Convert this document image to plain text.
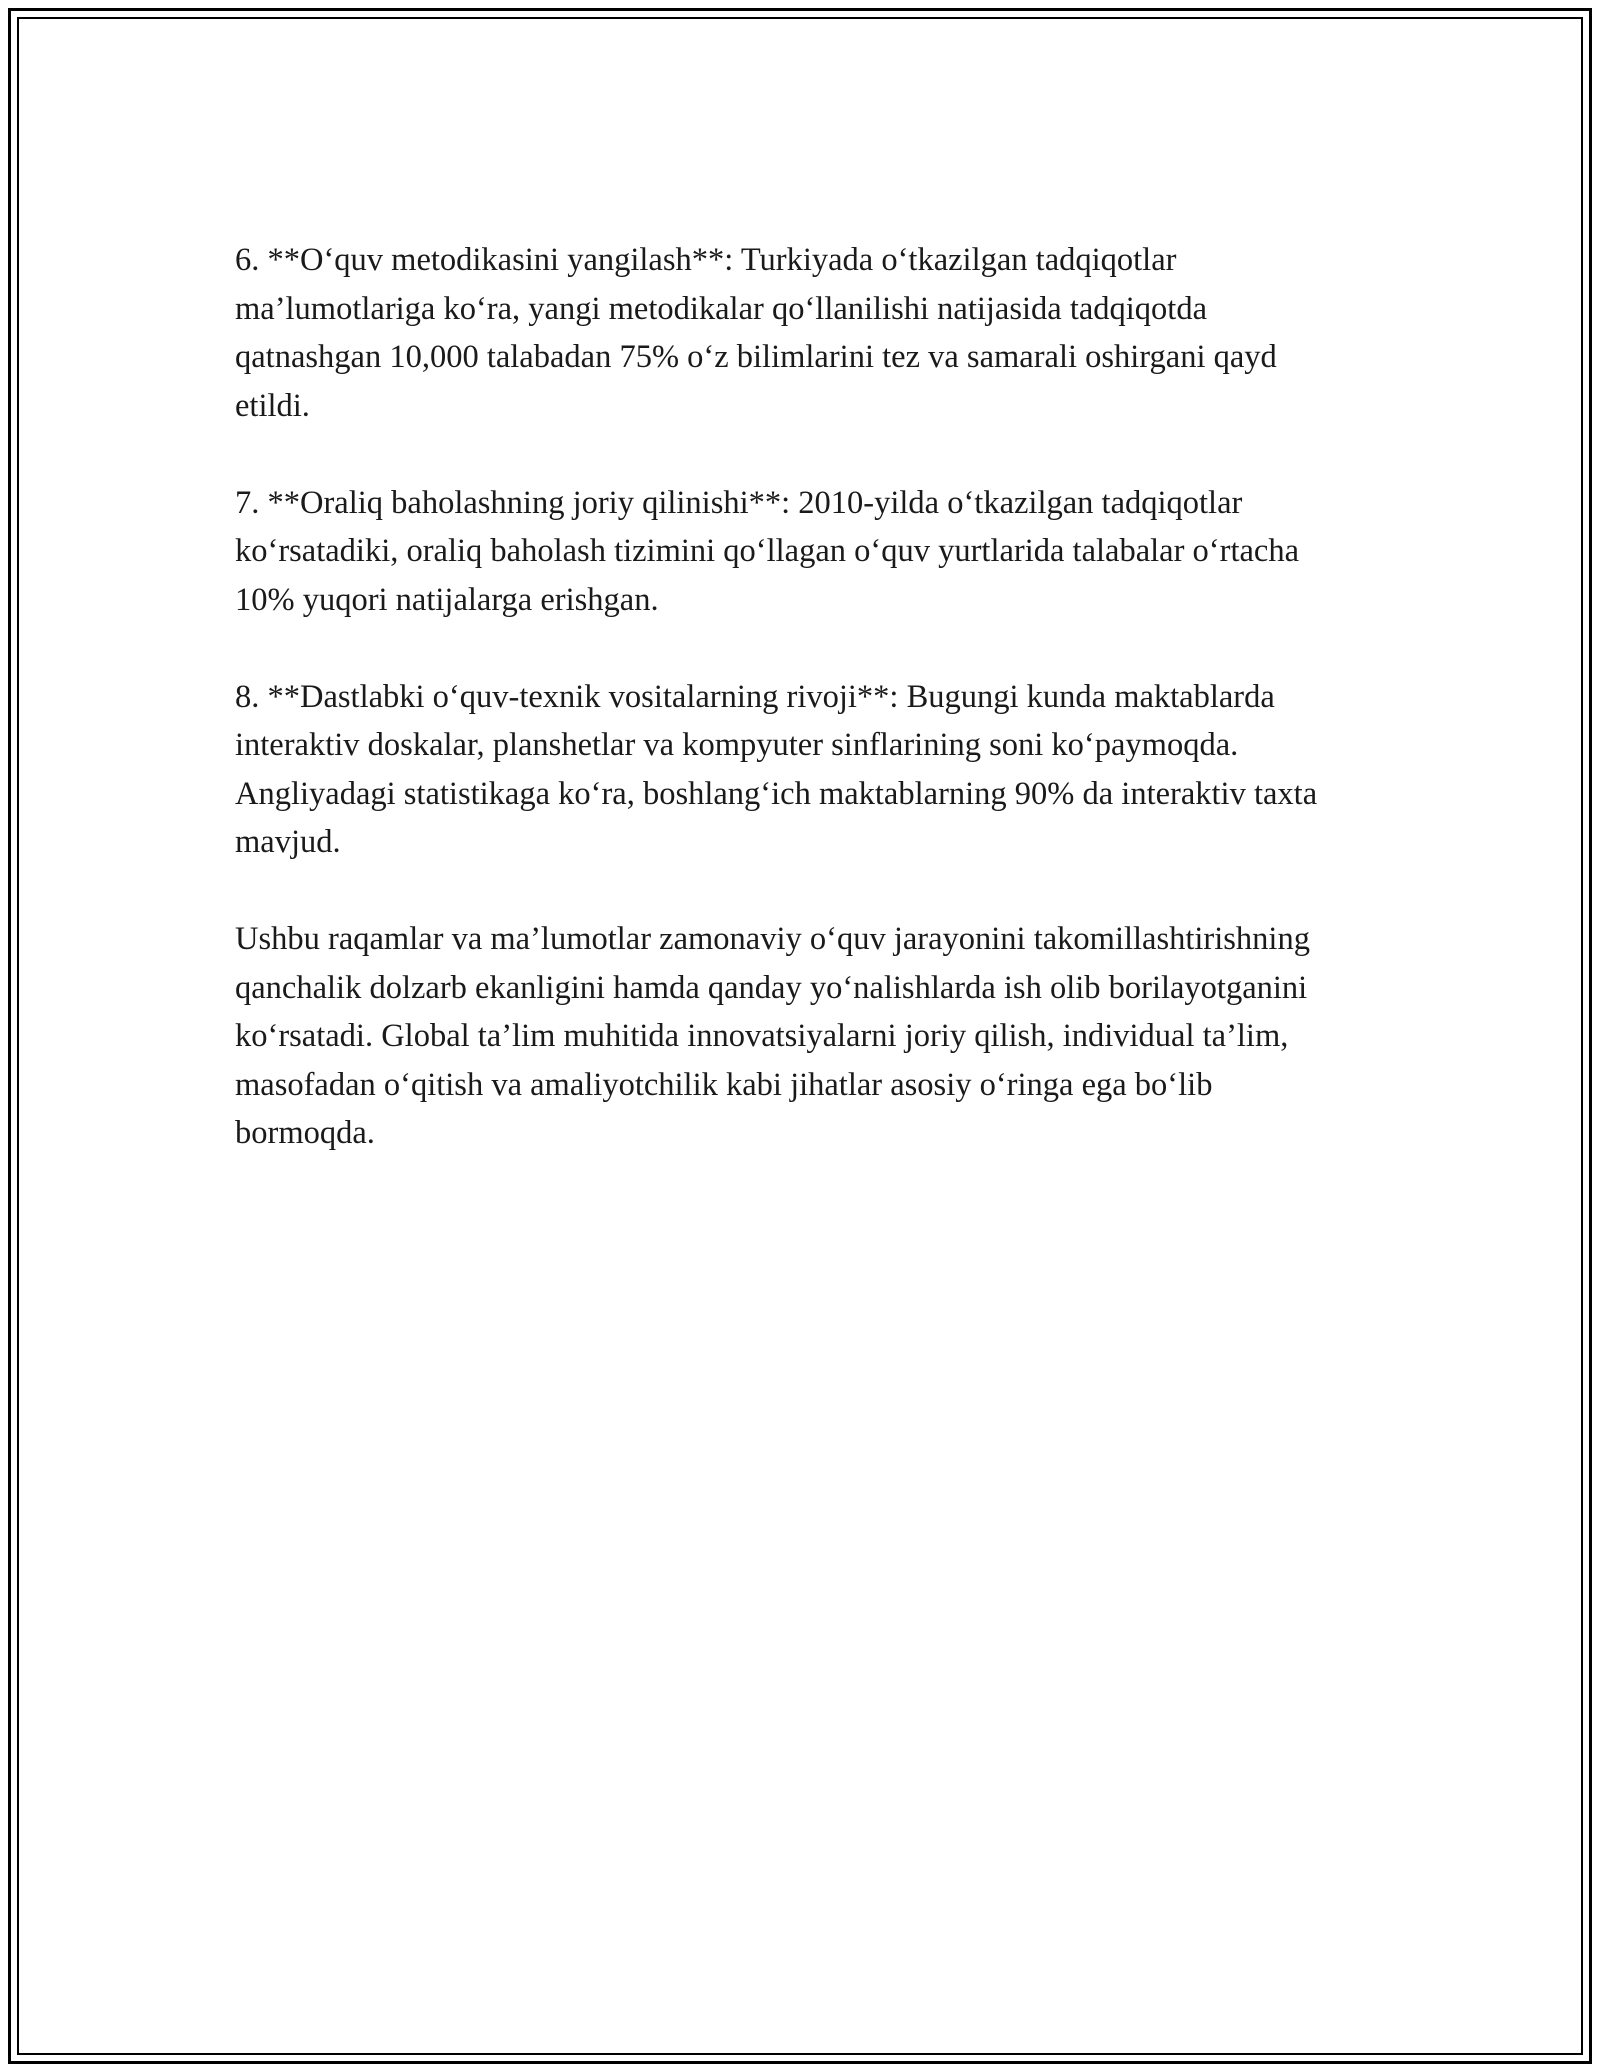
6. **O‘quv metodikasini yangilash**: Turkiyada o‘tkazilgan tadqiqotlar ma’lumotlariga ko‘ra, yangi metodikalar qo‘llanilishi natijasida tadqiqotda qatnashgan 10,000 talabadan 75% o‘z bilimlarini tez va samarali oshirgani qayd etildi.

7. **Oraliq baholashning joriy qilinishi**: 2010-yilda o‘tkazilgan tadqiqotlar ko‘rsatadiki, oraliq baholash tizimini qo‘llagan o‘quv yurtlarida talabalar o‘rtacha 10% yuqori natijalarga erishgan.

8. **Dastlabki o‘quv-texnik vositalarning rivoji**: Bugungi kunda maktablarda interaktiv doskalar, planshetlar va kompyuter sinflarining soni ko‘paymoqda. Angliyadagi statistikaga ko‘ra, boshlang‘ich maktablarning 90% da interaktiv taxta mavjud.

Ushbu raqamlar va ma’lumotlar zamonaviy o‘quv jarayonini takomillashtirishning qanchalik dolzarb ekanligini hamda qanday yo‘nalishlarda ish olib borilayotganini ko‘rsatadi. Global ta’lim muhitida innovatsiyalarni joriy qilish, individual ta’lim, masofadan o‘qitish va amaliyotchilik kabi jihatlar asosiy o‘ringa ega bo‘lib bormoqda.
